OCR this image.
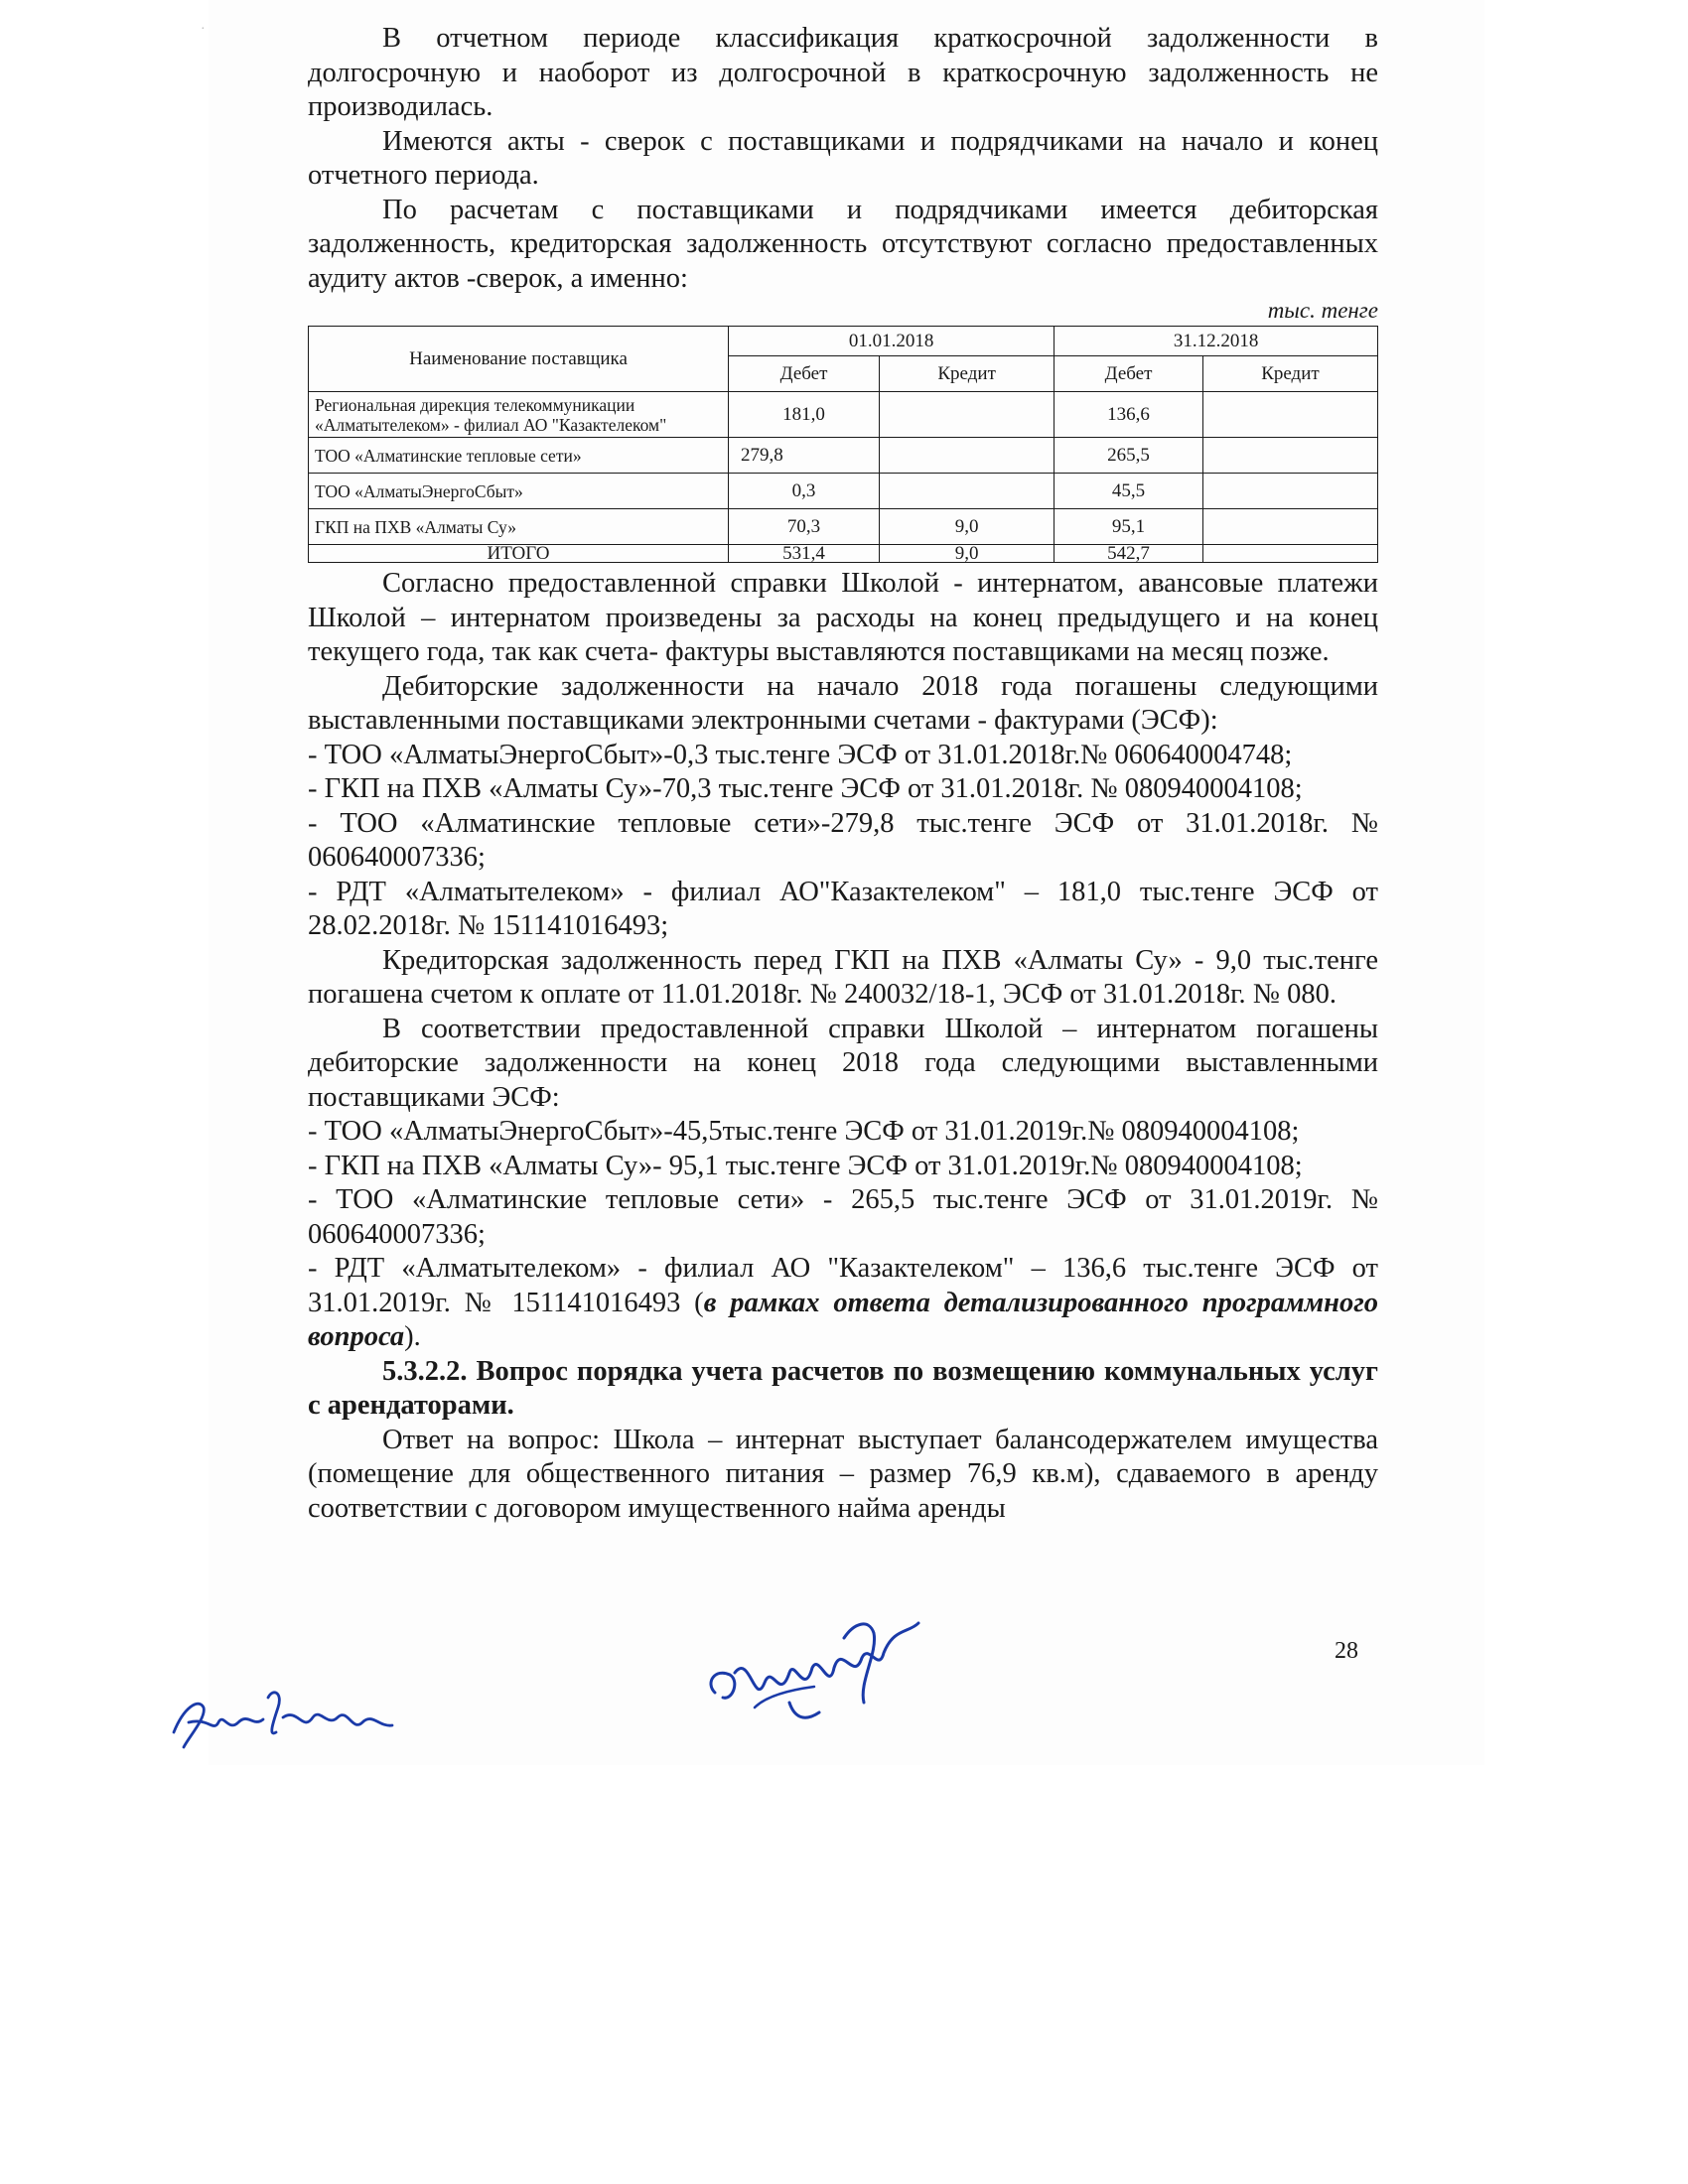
·	В отчетном периоде классификация краткосрочной задолженности в долгосрочную и наоборот из долгосрочной в краткосрочную задолженность не производилась.

Имеются акты - сверок с поставщиками и подрядчиками на начало и конец отчетного периода.

По расчетам с поставщиками и подрядчиками имеется дебиторская задолженность, кредиторская задолженность отсутствуют согласно предоставленных аудиту актов -сверок, а именно:

тыс. тенге
Наименование поставщика	01.01.2018		31.12.2018	
	Дебет	Кредит	Дебет	Кредит
Региональная дирекция телекоммуникации «Алматытелеком» - филиал АО "Казактелеком"	181,0		136,6	
ТОО «Алматинские тепловые сети»	279,8		265,5	
ТОО «АлматыЭнергоСбыт»	0,3		45,5	
ГКП на ПХВ «Алматы Су»	70,3	9,0	95,1	
ИТОГО	531,4	9,0	542,7	

Согласно предоставленной справки Школой - интернатом, авансовые платежи Школой – интернатом произведены за расходы на конец предыдущего и на конец текущего года, так как счета- фактуры выставляются поставщиками на месяц позже.

Дебиторские задолженности на начало 2018 года погашены следующими выставленными поставщиками электронными счетами - фактурами (ЭСФ):

- ТОО «АлматыЭнергоСбыт»-0,3 тыс.тенге ЭСФ от 31.01.2018г.№ 060640004748;

- ГКП на ПХВ «Алматы Су»-70,3 тыс.тенге ЭСФ от 31.01.2018г. № 080940004108;

- ТОО «Алматинские тепловые сети»-279,8 тыс.тенге ЭСФ от 31.01.2018г. № 060640007336;

- РДТ «Алматытелеком» - филиал АО"Казактелеком" – 181,0 тыс.тенге ЭСФ от 28.02.2018г. № 151141016493;

Кредиторская задолженность перед ГКП на ПХВ «Алматы Су» - 9,0 тыс.тенге погашена счетом к оплате от 11.01.2018г. № 240032/18-1, ЭСФ от 31.01.2018г. № 080.

В соответствии предоставленной справки Школой – интернатом погашены дебиторские задолженности на конец 2018 года следующими выставленными поставщиками ЭСФ:

- ТОО «АлматыЭнергоСбыт»-45,5тыс.тенге ЭСФ от 31.01.2019г.№ 080940004108;

- ГКП на ПХВ «Алматы Су»- 95,1 тыс.тенге ЭСФ от 31.01.2019г.№ 080940004108;

- ТОО «Алматинские тепловые сети» - 265,5 тыс.тенге ЭСФ от 31.01.2019г. № 060640007336;

- РДТ «Алматытелеком» - филиал АО "Казактелеком" – 136,6 тыс.тенге ЭСФ от 31.01.2019г. № 151141016493 (в рамках ответа детализированного программного вопроса).

5.3.2.2. Вопрос порядка учета расчетов по возмещению коммунальных услуг с арендаторами.

Ответ на вопрос: Школа – интернат выступает балансодержателем имущества (помещение для общественного питания – размер 76,9 кв.м), сдаваемого в аренду соответствии с договором имущественного найма аренды

28
